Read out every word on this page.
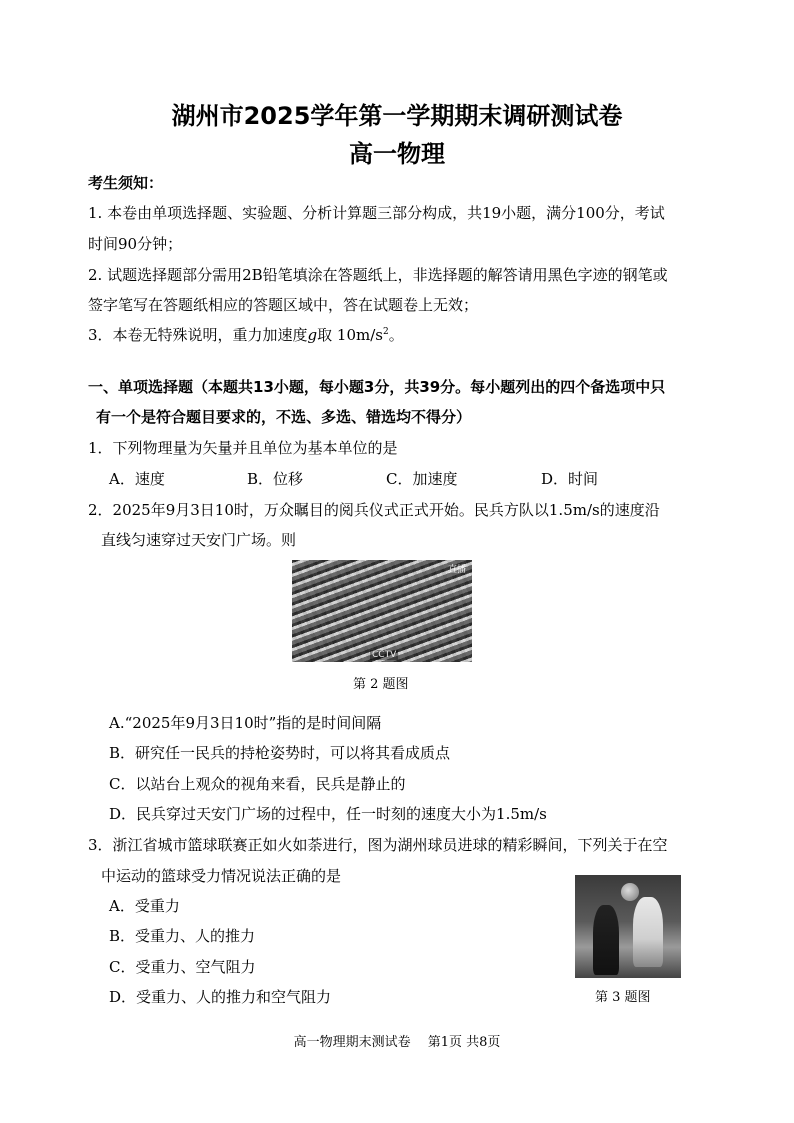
湖州市2025学年第一学期期末调研测试卷
高一物理
考生须知：
1. 本卷由单项选择题、实验题、分析计算题三部分构成，共19小题，满分100分，考试
时间90分钟；
2. 试题选择题部分需用2B铅笔填涂在答题纸上，非选择题的解答请用黑色字迹的钢笔或
签字笔写在答题纸相应的答题区域中，答在试题卷上无效；
3．本卷无特殊说明，重力加速度g取 $10m/s^2$。
一、单项选择题（本题共13小题，每小题3分，共39分。每小题列出的四个备选项中只
有一个是符合题目要求的，不选、多选、错选均不得分）
1．下列物理量为矢量并且单位为基本单位的是
A．速度	B．位移	C．加速度	D．时间
2．2025年9月3日10时，万众瞩目的阅兵仪式正式开始。民兵方队以1.5m/s的速度沿
直线匀速穿过天安门广场。则
直播
CCTV
第 2 题图
A.“2025年9月3日10时”指的是时间间隔
B．研究任一民兵的持枪姿势时，可以将其看成质点
C．以站台上观众的视角来看，民兵是静止的
D．民兵穿过天安门广场的过程中，任一时刻的速度大小为1.5m/s
3．浙江省城市篮球联赛正如火如荼进行，图为湖州球员进球的精彩瞬间，下列关于在空
中运动的篮球受力情况说法正确的是
A．受重力
B．受重力、人的推力
C．受重力、空气阻力
D．受重力、人的推力和空气阻力	第 3 题图
高一物理期末测试卷　 第1页 共8页
